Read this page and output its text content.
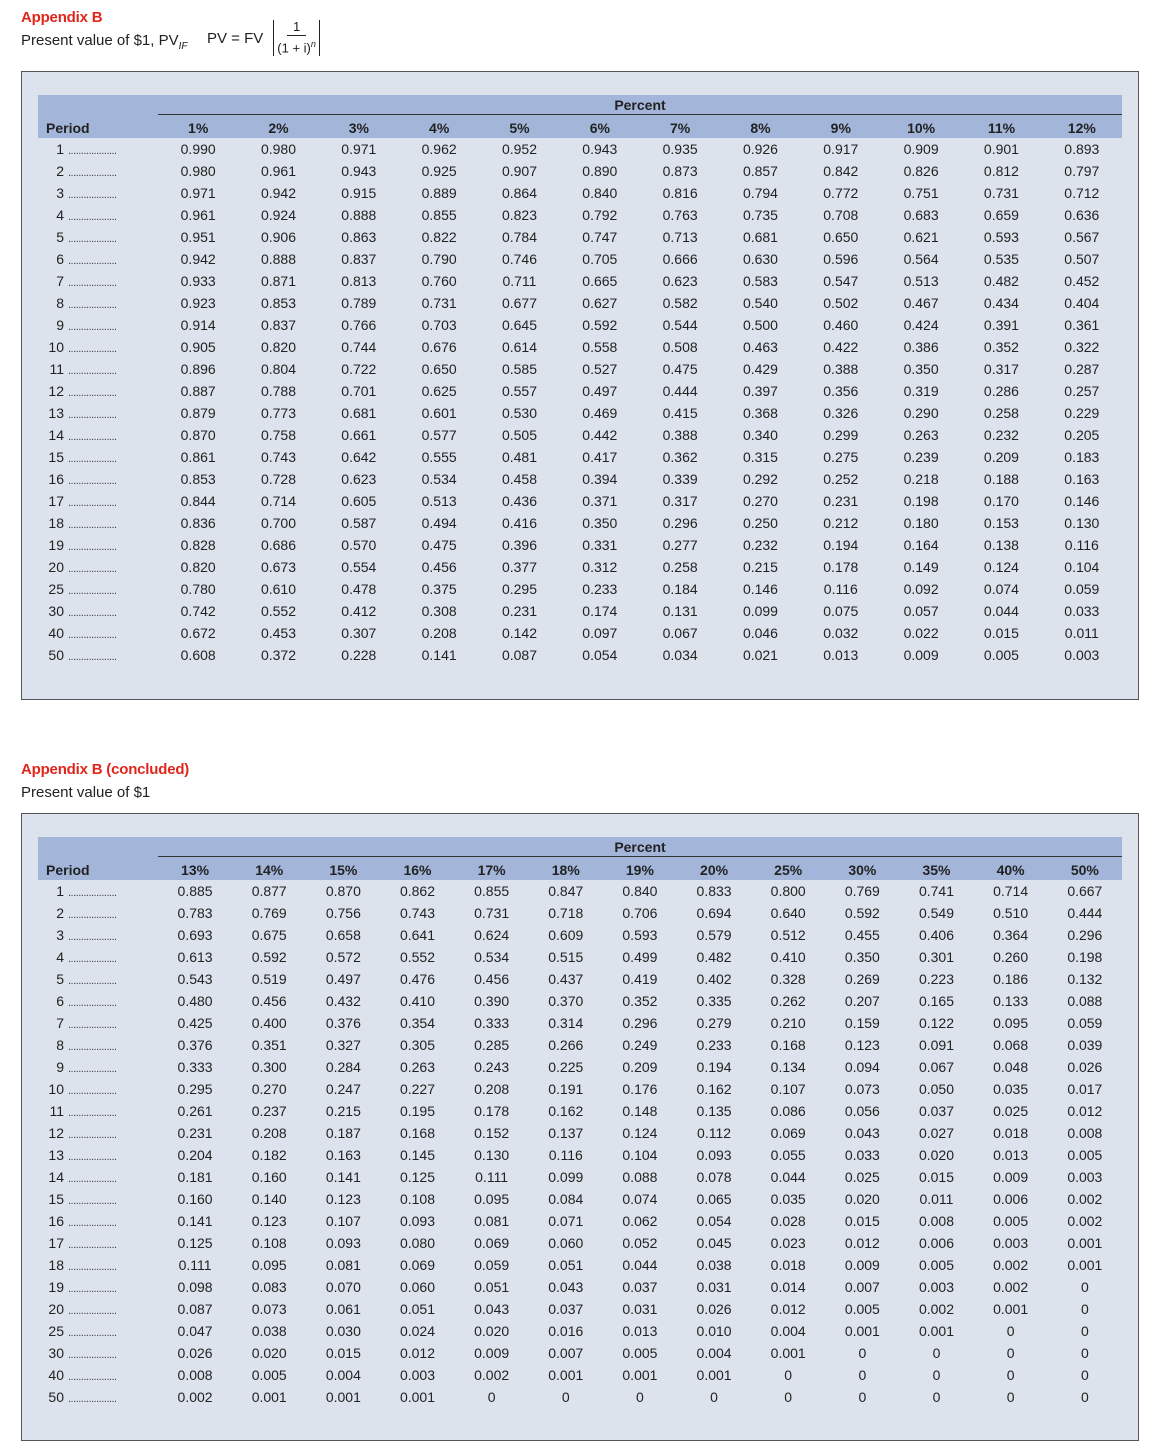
Appendix B
Present value of $1, $PV_{IF}$ PV = FV $\frac{1}{(1 + i)^n}$
	Percent											

Period	1%	2%	3%	4%	5%	6%	7%	8%	9%	10%	11%	12%
1 ...................	0.990	0.980	0.971	0.962	0.952	0.943	0.935	0.926	0.917	0.909	0.901	0.893
2 ...................	0.980	0.961	0.943	0.925	0.907	0.890	0.873	0.857	0.842	0.826	0.812	0.797
3 ...................	0.971	0.942	0.915	0.889	0.864	0.840	0.816	0.794	0.772	0.751	0.731	0.712
4 ...................	0.961	0.924	0.888	0.855	0.823	0.792	0.763	0.735	0.708	0.683	0.659	0.636
5 ...................	0.951	0.906	0.863	0.822	0.784	0.747	0.713	0.681	0.650	0.621	0.593	0.567
6 ...................	0.942	0.888	0.837	0.790	0.746	0.705	0.666	0.630	0.596	0.564	0.535	0.507
7 ...................	0.933	0.871	0.813	0.760	0.711	0.665	0.623	0.583	0.547	0.513	0.482	0.452
8 ...................	0.923	0.853	0.789	0.731	0.677	0.627	0.582	0.540	0.502	0.467	0.434	0.404
9 ...................	0.914	0.837	0.766	0.703	0.645	0.592	0.544	0.500	0.460	0.424	0.391	0.361
10 ...................	0.905	0.820	0.744	0.676	0.614	0.558	0.508	0.463	0.422	0.386	0.352	0.322
11 ...................	0.896	0.804	0.722	0.650	0.585	0.527	0.475	0.429	0.388	0.350	0.317	0.287
12 ...................	0.887	0.788	0.701	0.625	0.557	0.497	0.444	0.397	0.356	0.319	0.286	0.257
13 ...................	0.879	0.773	0.681	0.601	0.530	0.469	0.415	0.368	0.326	0.290	0.258	0.229
14 ...................	0.870	0.758	0.661	0.577	0.505	0.442	0.388	0.340	0.299	0.263	0.232	0.205
15 ...................	0.861	0.743	0.642	0.555	0.481	0.417	0.362	0.315	0.275	0.239	0.209	0.183
16 ...................	0.853	0.728	0.623	0.534	0.458	0.394	0.339	0.292	0.252	0.218	0.188	0.163
17 ...................	0.844	0.714	0.605	0.513	0.436	0.371	0.317	0.270	0.231	0.198	0.170	0.146
18 ...................	0.836	0.700	0.587	0.494	0.416	0.350	0.296	0.250	0.212	0.180	0.153	0.130
19 ...................	0.828	0.686	0.570	0.475	0.396	0.331	0.277	0.232	0.194	0.164	0.138	0.116
20 ...................	0.820	0.673	0.554	0.456	0.377	0.312	0.258	0.215	0.178	0.149	0.124	0.104
25 ...................	0.780	0.610	0.478	0.375	0.295	0.233	0.184	0.146	0.116	0.092	0.074	0.059
30 ...................	0.742	0.552	0.412	0.308	0.231	0.174	0.131	0.099	0.075	0.057	0.044	0.033
40 ...................	0.672	0.453	0.307	0.208	0.142	0.097	0.067	0.046	0.032	0.022	0.015	0.011
50 ...................	0.608	0.372	0.228	0.141	0.087	0.054	0.034	0.021	0.013	0.009	0.005	0.003
Appendix B (concluded)
Present value of $1
	Percent												

Period	13%	14%	15%	16%	17%	18%	19%	20%	25%	30%	35%	40%	50%
1 ...................	0.885	0.877	0.870	0.862	0.855	0.847	0.840	0.833	0.800	0.769	0.741	0.714	0.667
2 ...................	0.783	0.769	0.756	0.743	0.731	0.718	0.706	0.694	0.640	0.592	0.549	0.510	0.444
3 ...................	0.693	0.675	0.658	0.641	0.624	0.609	0.593	0.579	0.512	0.455	0.406	0.364	0.296
4 ...................	0.613	0.592	0.572	0.552	0.534	0.515	0.499	0.482	0.410	0.350	0.301	0.260	0.198
5 ...................	0.543	0.519	0.497	0.476	0.456	0.437	0.419	0.402	0.328	0.269	0.223	0.186	0.132
6 ...................	0.480	0.456	0.432	0.410	0.390	0.370	0.352	0.335	0.262	0.207	0.165	0.133	0.088
7 ...................	0.425	0.400	0.376	0.354	0.333	0.314	0.296	0.279	0.210	0.159	0.122	0.095	0.059
8 ...................	0.376	0.351	0.327	0.305	0.285	0.266	0.249	0.233	0.168	0.123	0.091	0.068	0.039
9 ...................	0.333	0.300	0.284	0.263	0.243	0.225	0.209	0.194	0.134	0.094	0.067	0.048	0.026
10 ...................	0.295	0.270	0.247	0.227	0.208	0.191	0.176	0.162	0.107	0.073	0.050	0.035	0.017
11 ...................	0.261	0.237	0.215	0.195	0.178	0.162	0.148	0.135	0.086	0.056	0.037	0.025	0.012
12 ...................	0.231	0.208	0.187	0.168	0.152	0.137	0.124	0.112	0.069	0.043	0.027	0.018	0.008
13 ...................	0.204	0.182	0.163	0.145	0.130	0.116	0.104	0.093	0.055	0.033	0.020	0.013	0.005
14 ...................	0.181	0.160	0.141	0.125	0.111	0.099	0.088	0.078	0.044	0.025	0.015	0.009	0.003
15 ...................	0.160	0.140	0.123	0.108	0.095	0.084	0.074	0.065	0.035	0.020	0.011	0.006	0.002
16 ...................	0.141	0.123	0.107	0.093	0.081	0.071	0.062	0.054	0.028	0.015	0.008	0.005	0.002
17 ...................	0.125	0.108	0.093	0.080	0.069	0.060	0.052	0.045	0.023	0.012	0.006	0.003	0.001
18 ...................	0.111	0.095	0.081	0.069	0.059	0.051	0.044	0.038	0.018	0.009	0.005	0.002	0.001
19 ...................	0.098	0.083	0.070	0.060	0.051	0.043	0.037	0.031	0.014	0.007	0.003	0.002	0
20 ...................	0.087	0.073	0.061	0.051	0.043	0.037	0.031	0.026	0.012	0.005	0.002	0.001	0
25 ...................	0.047	0.038	0.030	0.024	0.020	0.016	0.013	0.010	0.004	0.001	0.001	0	0
30 ...................	0.026	0.020	0.015	0.012	0.009	0.007	0.005	0.004	0.001	0	0	0	0
40 ...................	0.008	0.005	0.004	0.003	0.002	0.001	0.001	0.001	0	0	0	0	0
50 ...................	0.002	0.001	0.001	0.001	0	0	0	0	0	0	0	0	0
